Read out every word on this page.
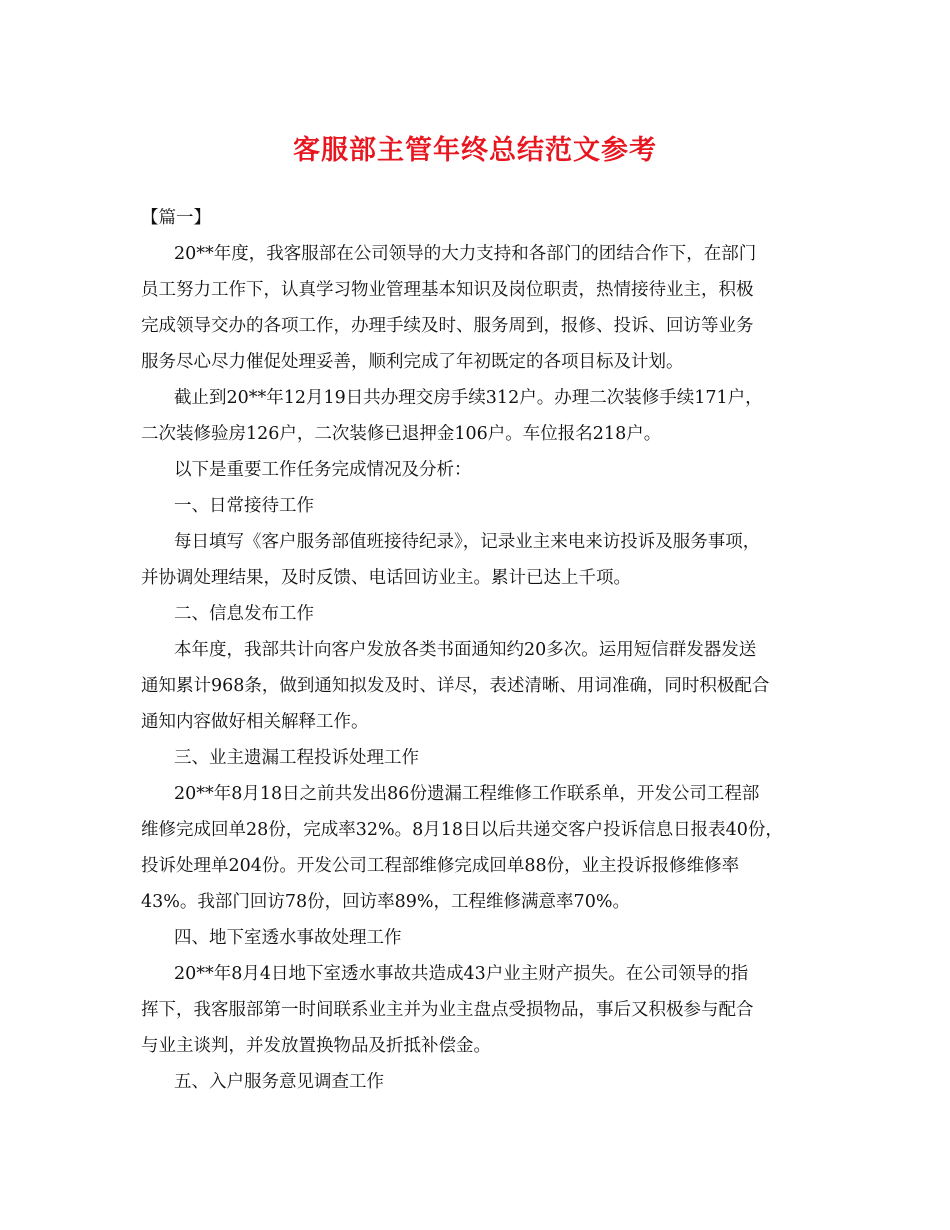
客服部主管年终总结范文参考

【篇一】

20**年度，我客服部在公司领导的大力支持和各部门的团结合作下，在部门

员工努力工作下，认真学习物业管理基本知识及岗位职责，热情接待业主，积极

完成领导交办的各项工作，办理手续及时、服务周到，报修、投诉、回访等业务

服务尽心尽力催促处理妥善，顺利完成了年初既定的各项目标及计划。

截止到20**年12月19日共办理交房手续312户。办理二次装修手续171户，

二次装修验房126户，二次装修已退押金106户。车位报名218户。

以下是重要工作任务完成情况及分析：

一、日常接待工作

每日填写《客户服务部值班接待纪录》，记录业主来电来访投诉及服务事项，

并协调处理结果，及时反馈、电话回访业主。累计已达上千项。

二、信息发布工作

本年度，我部共计向客户发放各类书面通知约20多次。运用短信群发器发送

通知累计968条，做到通知拟发及时、详尽，表述清晰、用词准确，同时积极配合

通知内容做好相关解释工作。

三、业主遗漏工程投诉处理工作

20**年8月18日之前共发出86份遗漏工程维修工作联系单，开发公司工程部

维修完成回单28份，完成率32%。8月18日以后共递交客户投诉信息日报表40份，

投诉处理单204份。开发公司工程部维修完成回单88份，业主投诉报修维修率

43%。我部门回访78份，回访率89%，工程维修满意率70%。

四、地下室透水事故处理工作

20**年8月4日地下室透水事故共造成43户业主财产损失。在公司领导的指

挥下，我客服部第一时间联系业主并为业主盘点受损物品，事后又积极参与配合

与业主谈判，并发放置换物品及折抵补偿金。

五、入户服务意见调查工作
